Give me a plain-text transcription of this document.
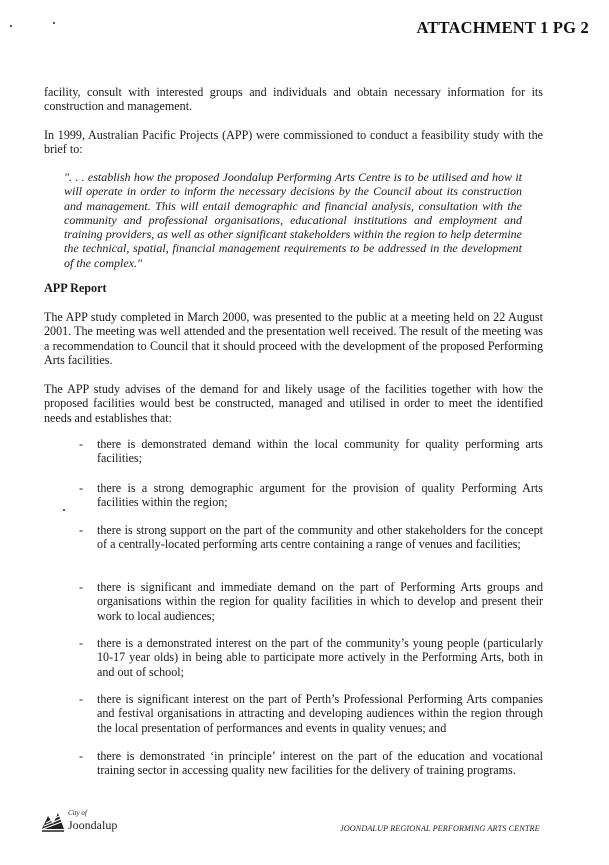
ATTACHMENT 1 PG 2

facility, consult with interested groups and individuals and obtain necessary information for its construction and management.

In 1999, Australian Pacific Projects (APP) were commissioned to conduct a feasibility study with the brief to:

". . . establish how the proposed Joondalup Performing Arts Centre is to be utilised and how it will operate in order to inform the necessary decisions by the Council about its construction and management. This will entail demographic and financial analysis, consultation with the community and professional organisations, educational institutions and employment and training providers, as well as other significant stakeholders within the region to help determine the technical, spatial, financial management requirements to be addressed in the development of the complex."
APP Report

The APP study completed in March 2000, was presented to the public at a meeting held on 22 August 2001. The meeting was well attended and the presentation well received. The result of the meeting was a recommendation to Council that it should proceed with the development of the proposed Performing Arts facilities.

The APP study advises of the demand for and likely usage of the facilities together with how the proposed facilities would best be constructed, managed and utilised in order to meet the identified needs and establishes that:

- there is demonstrated demand within the local community for quality performing arts facilities;
- there is a strong demographic argument for the provision of quality Performing Arts facilities within the region;
- there is strong support on the part of the community and other stakeholders for the concept of a centrally-located performing arts centre containing a range of venues and facilities;
- there is significant and immediate demand on the part of Performing Arts groups and organisations within the region for quality facilities in which to develop and present their work to local audiences;
- there is a demonstrated interest on the part of the community’s young people (particularly 10-17 year olds) in being able to participate more actively in the Performing Arts, both in and out of school;
- there is significant interest on the part of Perth’s Professional Performing Arts companies and festival organisations in attracting and developing audiences within the region through the local presentation of performances and events in quality venues; and
- there is demonstrated ‘in principle’ interest on the part of the education and vocational training sector in accessing quality new facilities for the delivery of training programs.
City of
Joondalup	JOONDALUP REGIONAL PERFORMING ARTS CENTRE
